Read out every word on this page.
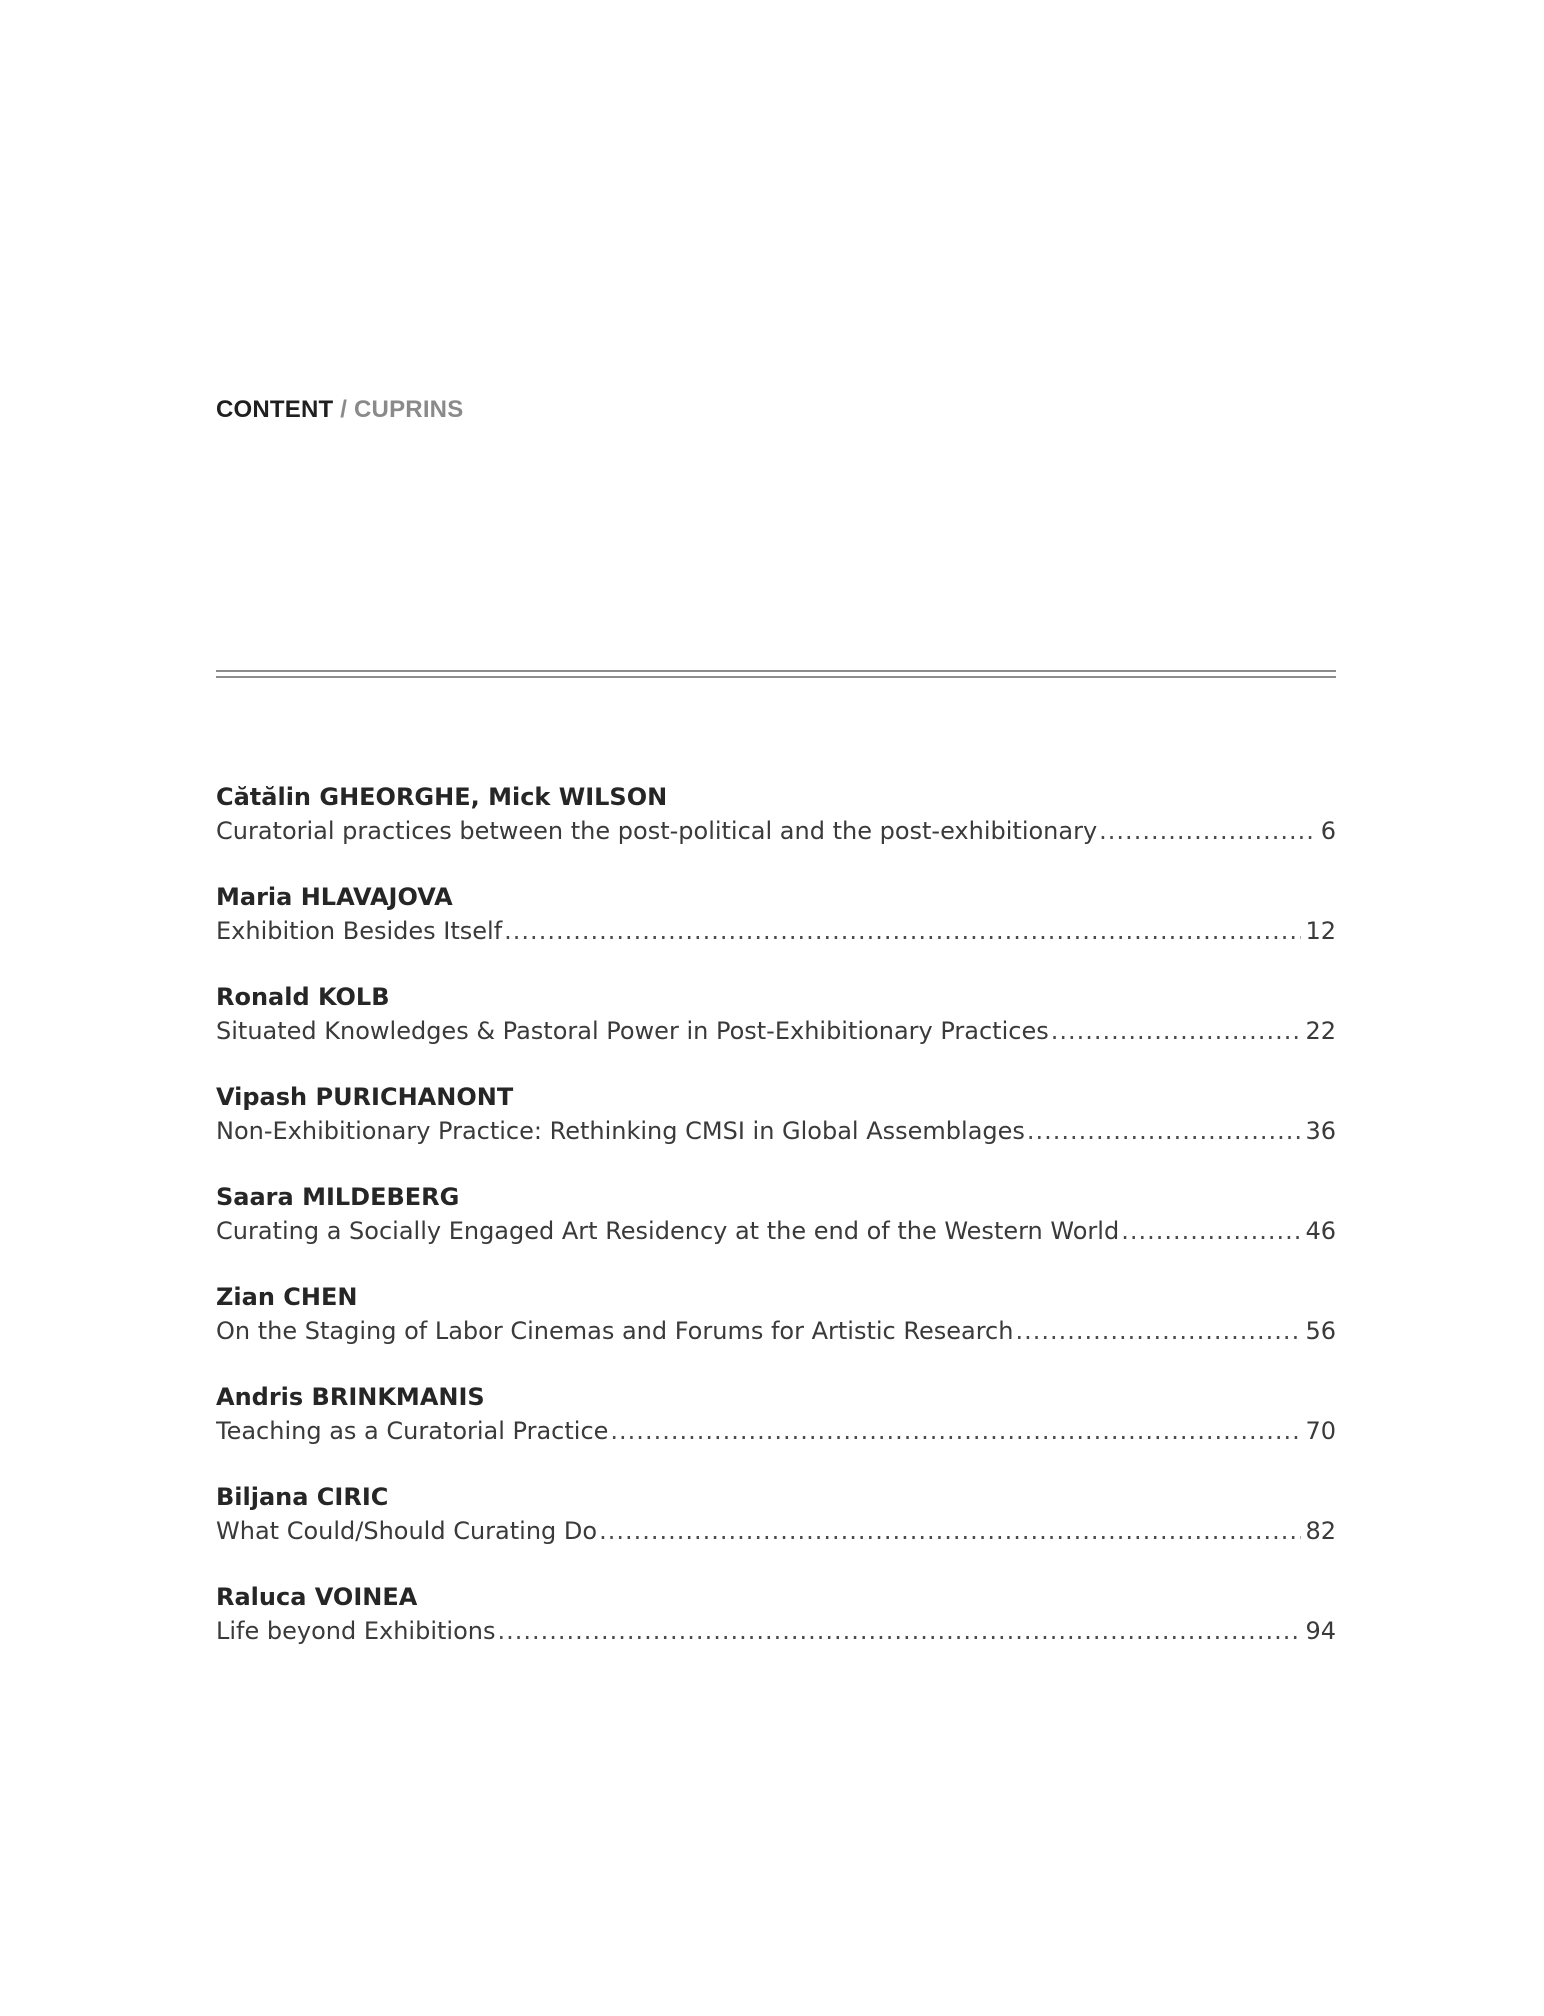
CONTENT / CUPRINS
Cătălin GHEORGHE, Mick WILSON
Curatorial practices between the post-political and the post-exhibitionary .....	6
Maria HLAVAJOVA
Exhibition Besides Itself .....	12
Ronald KOLB
Situated Knowledges & Pastoral Power in Post-Exhibitionary Practices .....	22
Vipash PURICHANONT
Non-Exhibitionary Practice: Rethinking CMSI in Global Assemblages .....	36
Saara MILDEBERG
Curating a Socially Engaged Art Residency at the end of the Western World .....	46
Zian CHEN
On the Staging of Labor Cinemas and Forums for Artistic Research .....	56
Andris BRINKMANIS
Teaching as a Curatorial Practice .....	70
Biljana CIRIC
What Could/Should Curating Do .....	82
Raluca VOINEA
Life beyond Exhibitions .....	94
